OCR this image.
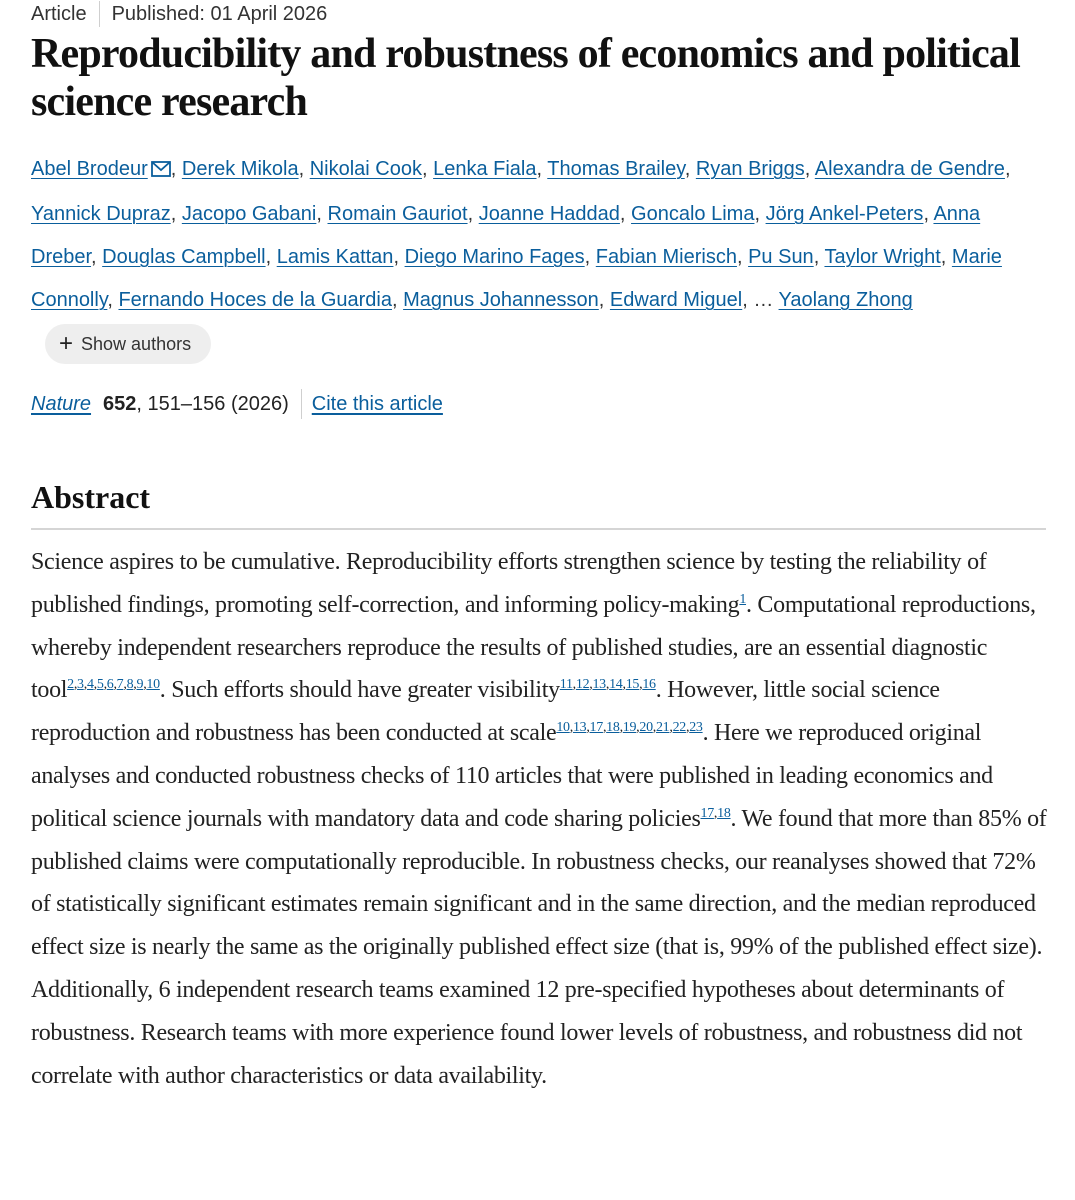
Article Published: 01 April 2026
Reproducibility and robustness of economics and political science research
Abel Brodeur , Derek Mikola, Nikolai Cook, Lenka Fiala, Thomas Brailey, Ryan Briggs, Alexandra de Gendre, Yannick Dupraz, Jacopo Gabani, Romain Gauriot, Joanne Haddad, Goncalo Lima, Jörg Ankel-Peters, Anna Dreber, Douglas Campbell, Lamis Kattan, Diego Marino Fages, Fabian Mierisch, Pu Sun, Taylor Wright, Marie Connolly, Fernando Hoces de la Guardia, Magnus Johannesson, Edward Miguel, … Yaolang Zhong
+ Show authors
Nature 652 , 151–156 (2026) Cite this article
Abstract

Science aspires to be cumulative. Reproducibility efforts strengthen science by testing the reliability of published findings, promoting self-correction, and informing policy-making$^1$. Computational reproductions, whereby independent researchers reproduce the results of published studies, are an essential diagnostic tool$^{2,3,4,5,6,7,8,9,10}$. Such efforts should have greater visibility$^{11,12,13,14,15,16}$. However, little social science reproduction and robustness has been conducted at scale$^{10,13,17,18,19,20,21,22,23}$. Here we reproduced original analyses and conducted robustness checks of 110 articles that were published in leading economics and political science journals with mandatory data and code sharing policies$^{17,18}$. We found that more than 85% of published claims were computationally reproducible. In robustness checks, our reanalyses showed that 72% of statistically significant estimates remain significant and in the same direction, and the median reproduced effect size is nearly the same as the originally published effect size (that is, 99% of the published effect size). Additionally, 6 independent research teams examined 12 pre-specified hypotheses about determinants of robustness. Research teams with more experience found lower levels of robustness, and robustness did not correlate with author characteristics or data availability.
